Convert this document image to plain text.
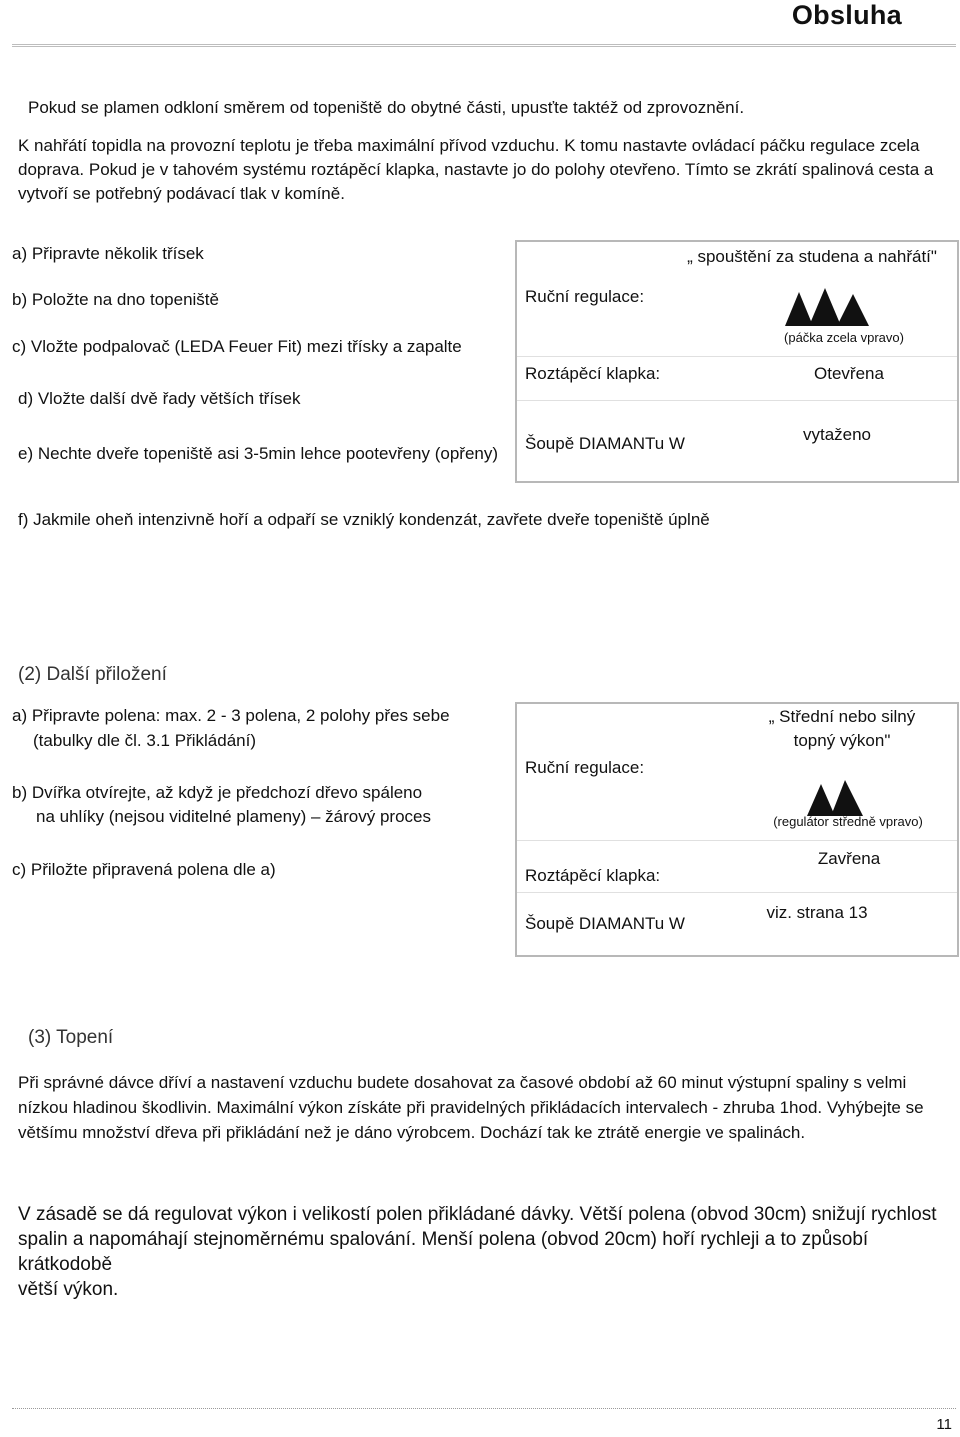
Obsluha
Pokud se plamen odkloní směrem od topeniště do obytné části, upusťte taktéž od zprovoznění.
K nahřátí topidla na provozní teplotu je třeba maximální přívod vzduchu. K tomu nastavte ovládací páčku regulace zcela
doprava. Pokud je v tahovém systému roztápěcí klapka, nastavte jo do polohy otevřeno. Tímto se zkrátí spalinová cesta a
vytvoří se potřebný podávací tlak v komíně.
a) Připravte několik třísek
b) Položte na dno topeniště
c) Vložte podpalovač (LEDA Feuer Fit) mezi třísky a zapalte
d) Vložte další dvě řady větších třísek
e) Nechte dveře topeniště asi 3-5min lehce pootevřeny (opřeny)
„ spouštění za studena a nahřátí"
Ruční regulace:
(páčka zcela vpravo)
Roztápěcí klapka:	Otevřena
Šoupě DIAMANTu W	vytaženo
f) Jakmile oheň intenzivně hoří a odpaří se vzniklý kondenzát, zavřete dveře topeniště úplně
(2) Další přiložení
a) Připravte polena: max. 2 - 3 polena, 2 polohy přes sebe
(tabulky dle čl. 3.1 Přikládání)
b) Dvířka otvírejte, až když je předchozí dřevo spáleno
na uhlíky (nejsou viditelné plameny) – žárový proces
c) Přiložte připravená polena dle a)
„ Střední nebo silný
topný výkon"
Ruční regulace:
(regulátor středně vpravo)
Zavřena
Roztápěcí klapka:
viz. strana 13
Šoupě DIAMANTu W
(3) Topení
Při správné dávce dříví a nastavení vzduchu budete dosahovat za časové období až 60 minut výstupní spaliny s velmi
nízkou hladinou škodlivin. Maximální výkon získáte při pravidelných přikládacích intervalech - zhruba 1hod. Vyhýbejte se
většímu množství dřeva při přikládání než je dáno výrobcem. Dochází tak ke ztrátě energie ve spalinách.
V zásadě se dá regulovat výkon i velikostí polen přikládané dávky. Větší polena (obvod 30cm) snižují rychlost
spalin a napomáhají stejnoměrnému spalování. Menší polena (obvod 20cm) hoří rychleji a to způsobí krátkodobě
větší výkon.
11
